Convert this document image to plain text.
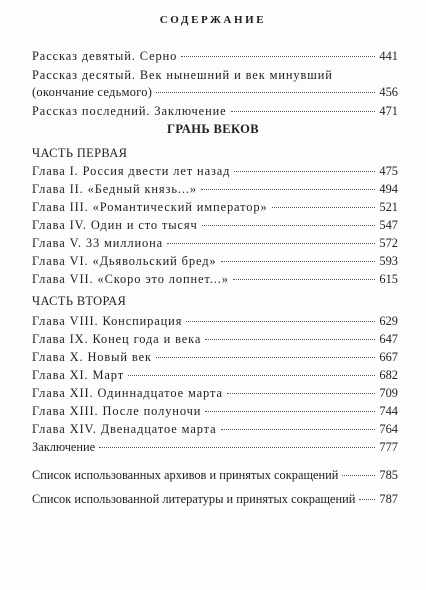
СОДЕРЖАНИЕ
Рассказ девятый. Серно	441
Рассказ десятый. Век нынешний и век минувший
(окончание седьмого)	456
Рассказ последний. Заключение	471
ГРАНЬ ВЕКОВ
ЧАСТЬ ПЕРВАЯ
Глава I. Россия двести лет назад	475
Глава II. «Бедный князь...»	494
Глава III. «Романтический император»	521
Глава IV. Один и сто тысяч	547
Глава V. 33 миллиона	572
Глава VI. «Дьявольский бред»	593
Глава VII. «Скоро это лопнет...»	615
ЧАСТЬ ВТОРАЯ
Глава VIII. Конспирация	629
Глава IX. Конец года и века	647
Глава X. Новый век	667
Глава XI. Март	682
Глава XII. Одиннадцатое марта	709
Глава XIII. После полуночи	744
Глава XIV. Двенадцатое марта	764
Заключение	777
Список использованных архивов и принятых сокращений	785
Список использованной литературы и принятых сокращений 787
